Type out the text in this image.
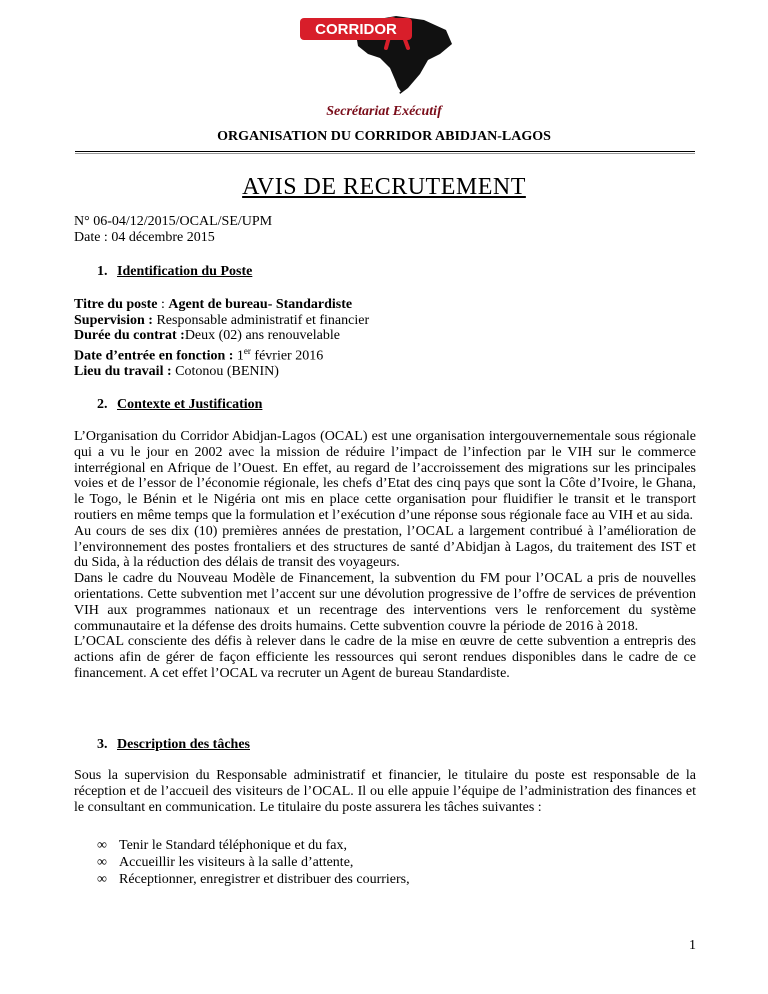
CORRIDOR
Secrétariat Exécutif
ORGANISATION DU CORRIDOR ABIDJAN-LAGOS
AVIS DE RECRUTEMENT
N° 06-04/12/2015/OCAL/SE/UPM
Date : 04 décembre 2015
1. Identification du Poste
Titre du poste : Agent de bureau- Standardiste
Supervision : Responsable administratif et financier
Durée du contrat :Deux (02) ans renouvelable
Date d’entrée en fonction : 1er février 2016
Lieu du travail : Cotonou (BENIN)
2. Contexte et Justification

L’Organisation du Corridor Abidjan-Lagos (OCAL) est une organisation intergouvernementale sous régionale qui a vu le jour en 2002 avec la mission de réduire l’impact de l’infection par le VIH sur le commerce interrégional en Afrique de l’Ouest. En effet, au regard de l’accroissement des migrations sur les principales voies et de l’essor de l’économie régionale, les chefs d’Etat des cinq pays que sont la Côte d’Ivoire, le Ghana, le Togo, le Bénin et le Nigéria ont mis en place cette organisation pour fluidifier le transit et le transport routiers en même temps que la formulation et l’exécution d’une réponse sous régionale face au VIH et au sida.

Au cours de ses dix (10) premières années de prestation, l’OCAL a largement contribué à l’amélioration de l’environnement des postes frontaliers et des structures de santé d’Abidjan à Lagos, du traitement des IST et du Sida, à la réduction des délais de transit des voyageurs.

Dans le cadre du Nouveau Modèle de Financement, la subvention du FM pour l’OCAL a pris de nouvelles orientations. Cette subvention met l’accent sur une dévolution progressive de l’offre de services de prévention VIH aux programmes nationaux et un recentrage des interventions vers le renforcement du système communautaire et la défense des droits humains. Cette subvention couvre la période de 2016 à 2018.

L’OCAL consciente des défis à relever dans le cadre de la mise en œuvre de cette subvention a entrepris des actions afin de gérer de façon efficiente les ressources qui seront rendues disponibles dans le cadre de ce financement. A cet effet l’OCAL va recruter un Agent de bureau Standardiste.

3. Description des tâches

Sous la supervision du Responsable administratif et financier, le titulaire du poste est responsable de la réception et de l’accueil des visiteurs de l’OCAL. Il ou elle appuie l’équipe de l’administration des finances et le consultant en communication. Le titulaire du poste assurera les tâches suivantes :

∞ Tenir le Standard téléphonique et du fax,
∞ Accueillir les visiteurs à la salle d’attente,
∞ Réceptionner, enregistrer et distribuer des courriers,
1
